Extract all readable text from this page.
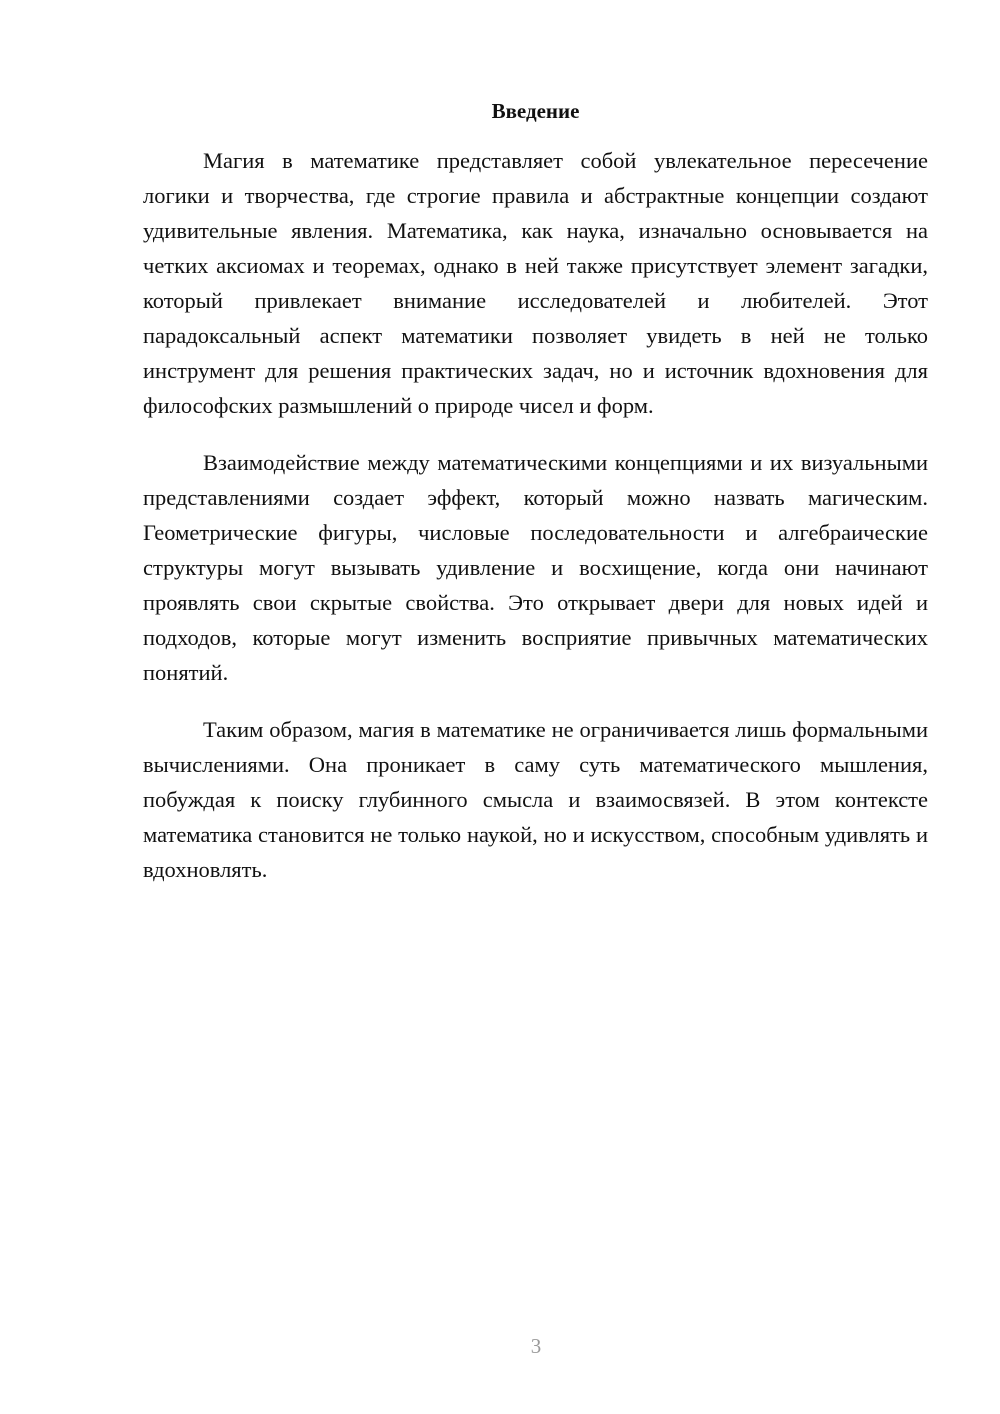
Введение

Магия в математике представляет собой увлекательное пересечение логики и творчества, где строгие правила и абстрактные концепции создают удивительные явления. Математика, как наука, изначально основывается на четких аксиомах и теоремах, однако в ней также присутствует элемент загадки, который привлекает внимание исследователей и любителей. Этот парадоксальный аспект математики позволяет увидеть в ней не только инструмент для решения практических задач, но и источник вдохновения для философских размышлений о природе чисел и форм.

Взаимодействие между математическими концепциями и их визуальными представлениями создает эффект, который можно назвать магическим. Геометрические фигуры, числовые последовательности и алгебраические структуры могут вызывать удивление и восхищение, когда они начинают проявлять свои скрытые свойства. Это открывает двери для новых идей и подходов, которые могут изменить восприятие привычных математических понятий.

Таким образом, магия в математике не ограничивается лишь формальными вычислениями. Она проникает в саму суть математического мышления, побуждая к поиску глубинного смысла и взаимосвязей. В этом контексте математика становится не только наукой, но и искусством, способным удивлять и вдохновлять.

3
